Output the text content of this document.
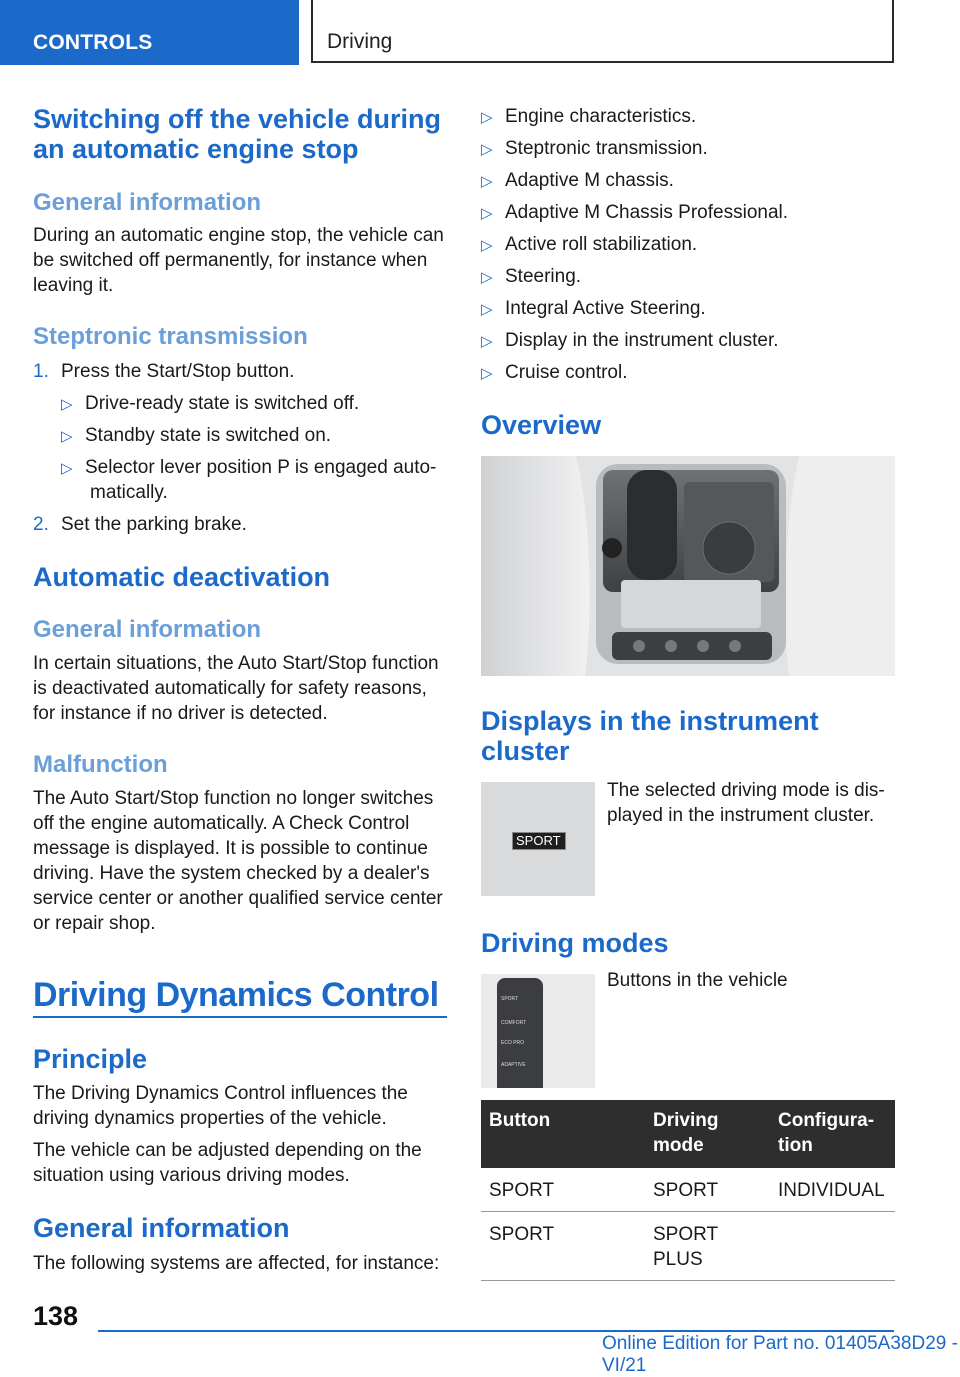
CONTROLS	Driving
Switching off the vehicle during an automatic engine stop
General information

During an automatic engine stop, the vehicle can be switched off permanently, for instance when leaving it.

Steptronic transmission
1. Press the Start/Stop button.
▷ Drive-ready state is switched off.
▷ Standby state is switched on.
▷ Selector lever position P is engaged auto-
matically.
2. Set the parking brake.
Automatic deactivation
General information

In certain situations, the Auto Start/Stop function is deactivated automatically for safety reasons, for instance if no driver is detected.

Malfunction

The Auto Start/Stop function no longer switches off the engine automatically. A Check Control message is displayed. It is possible to continue driving. Have the system checked by a dealer's service center or another qualified service center or repair shop.

Driving Dynamics Control
Principle

The Driving Dynamics Control influences the driving dynamics properties of the vehicle.

The vehicle can be adjusted depending on the situation using various driving modes.

General information

The following systems are affected, for instance:

▷ Engine characteristics.
▷ Steptronic transmission.
▷ Adaptive M chassis.
▷ Adaptive M Chassis Professional.
▷ Active roll stabilization.
▷ Steering.
▷ Integral Active Steering.
▷ Display in the instrument cluster.
▷ Cruise control.
Overview
Displays in the instrument cluster
SPORT

The selected driving mode is dis-

played in the instrument cluster.

Driving modes
SPORT
COMFORT
ECO PRO
ADAPTIVE

Buttons in the vehicle

Button	Driving mode	Configura- tion
SPORT	SPORT	INDIVIDUAL
SPORT	SPORT PLUS	
138
Online Edition for Part no. 01405A38D29 - VI/21
